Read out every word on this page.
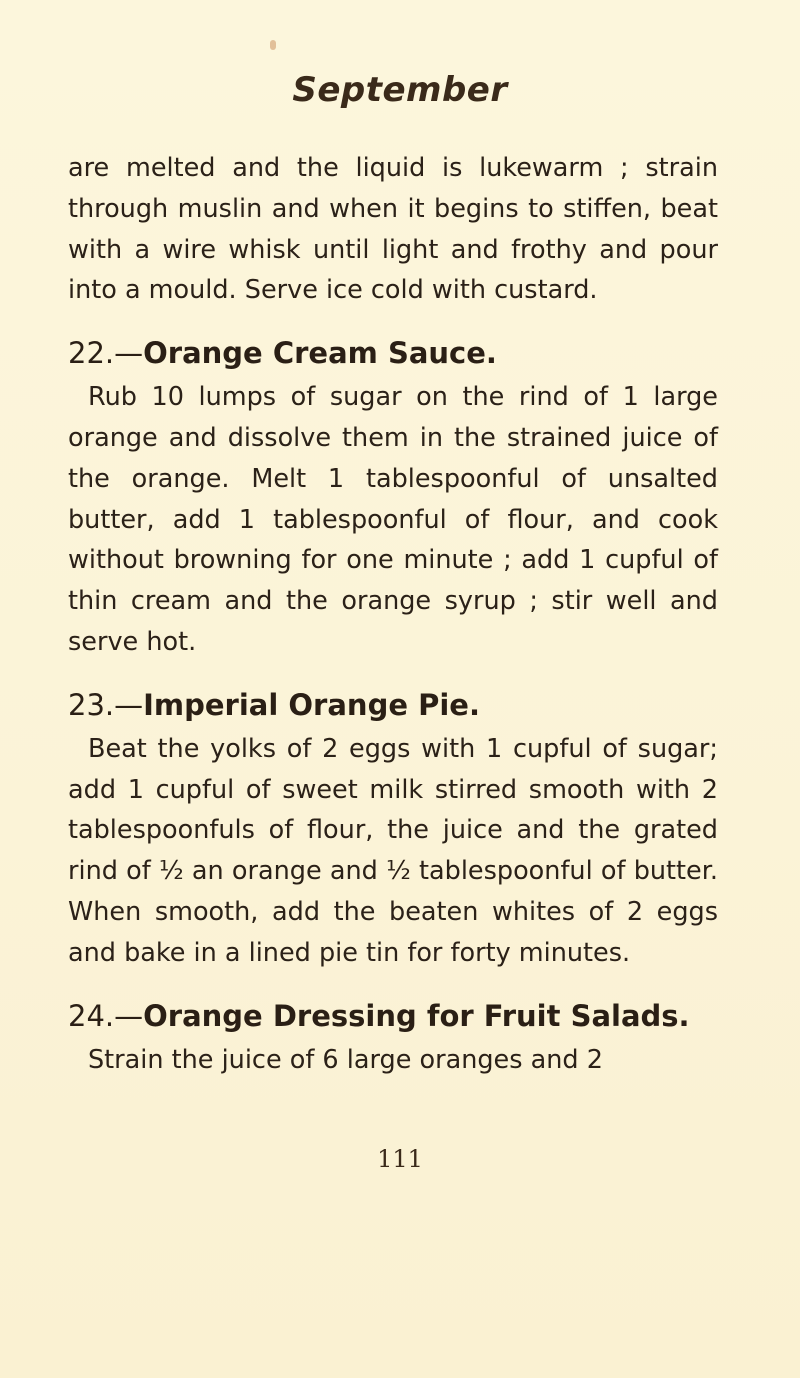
September

are melted and the liquid is lukewarm ; strain through muslin and when it begins to stiffen, beat with a wire whisk until light and frothy and pour into a mould. Serve ice cold with custard.

22.—Orange Cream Sauce.

Rub 10 lumps of sugar on the rind of 1 large orange and dissolve them in the strained juice of the orange. Melt 1 tablespoonful of unsalted butter, add 1 tablespoonful of flour, and cook without browning for one minute ; add 1 cupful of thin cream and the orange syrup ; stir well and serve hot.

23.—Imperial Orange Pie.

Beat the yolks of 2 eggs with 1 cupful of sugar; add 1 cupful of sweet milk stirred smooth with 2 tablespoonfuls of flour, the juice and the grated rind of ½ an orange and ½ tablespoonful of butter. When smooth, add the beaten whites of 2 eggs and bake in a lined pie tin for forty minutes.

24.—Orange Dressing for Fruit Salads.

Strain the juice of 6 large oranges and 2

111
